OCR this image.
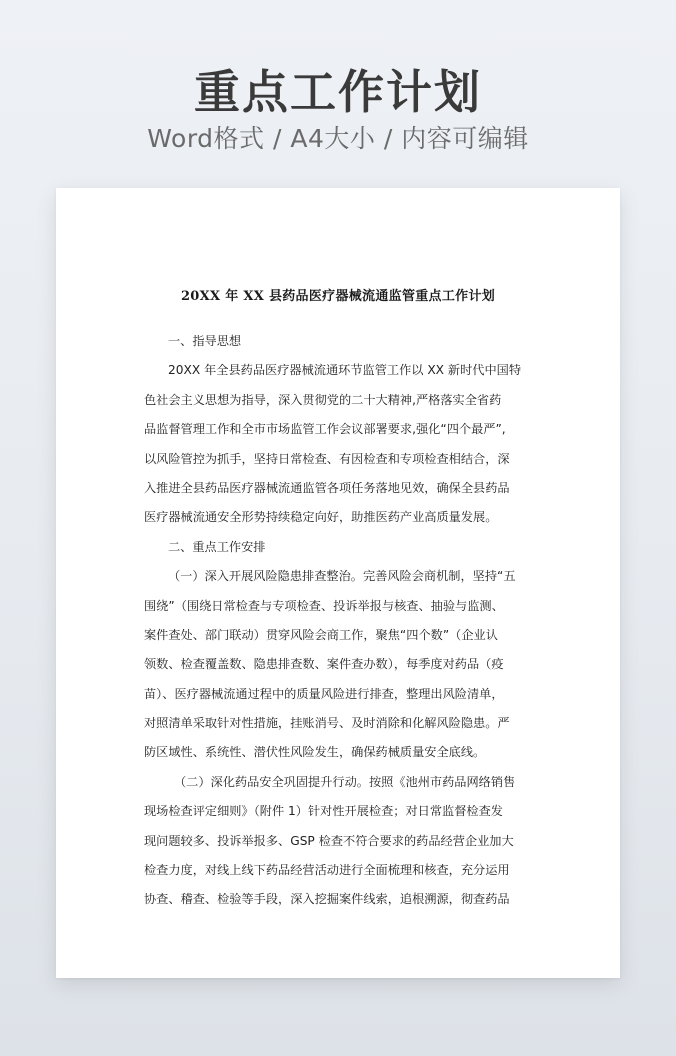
重点工作计划
Word格式 / A4大小 / 内容可编辑
20XX 年 XX 县药品医疗器械流通监管重点工作计划
一、指导思想
20XX 年全县药品医疗器械流通环节监管工作以 XX 新时代中国特
色社会主义思想为指导，深入贯彻党的二十大精神,严格落实全省药
品监督管理工作和全市市场监管工作会议部署要求,强化“四个最严”,
以风险管控为抓手，坚持日常检查、有因检查和专项检查相结合，深
入推进全县药品医疗器械流通监管各项任务落地见效，确保全县药品
医疗器械流通安全形势持续稳定向好，助推医药产业高质量发展。
二、重点工作安排
（一）深入开展风险隐患排查整治。完善风险会商机制，坚持“五
围绕”（围绕日常检查与专项检查、投诉举报与核查、抽验与监测、
案件查处、部门联动）贯穿风险会商工作，聚焦“四个数”（企业认
领数、检查覆盖数、隐患排查数、案件查办数），每季度对药品（疫
苗）、医疗器械流通过程中的质量风险进行排查，整理出风险清单，
对照清单采取针对性措施，挂账消号、及时消除和化解风险隐患。严
防区域性、系统性、潜伏性风险发生，确保药械质量安全底线。
（二）深化药品安全巩固提升行动。按照《池州市药品网络销售
现场检查评定细则》（附件 1）针对性开展检查；对日常监督检查发
现问题较多、投诉举报多、GSP 检查不符合要求的药品经营企业加大
检查力度，对线上线下药品经营活动进行全面梳理和核查，充分运用
协查、稽查、检验等手段，深入挖掘案件线索，追根溯源，彻查药品
